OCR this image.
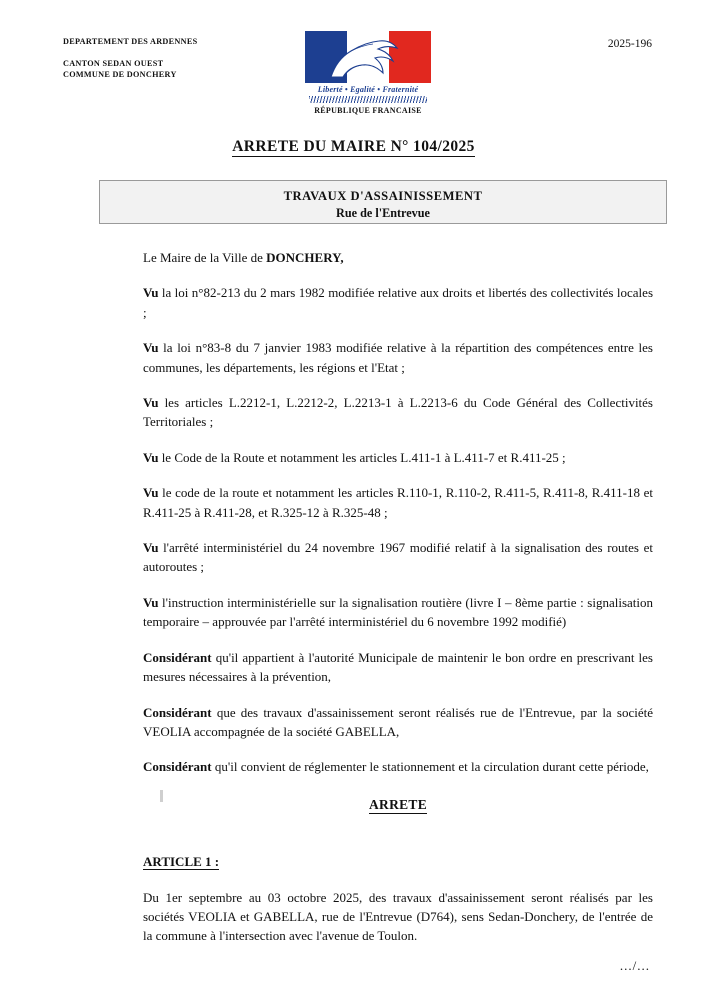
DEPARTEMENT DES ARDENNES
CANTON SEDAN OUEST
COMMUNE DE DONCHERY
2025-196
Liberté • Egalité • Fraternité
RÉPUBLIQUE FRANCAISE
ARRETE DU MAIRE N° 104/2025
TRAVAUX D'ASSAINISSEMENT
Rue de l'Entrevue

Le Maire de la Ville de DONCHERY,

Vu la loi n°82-213 du 2 mars 1982 modifiée relative aux droits et libertés des collectivités locales ;

Vu la loi n°83-8 du 7 janvier 1983 modifiée relative à la répartition des compétences entre les communes, les départements, les régions et l'Etat ;

Vu les articles L.2212-1, L.2212-2, L.2213-1 à L.2213-6 du Code Général des Collectivités Territoriales ;

Vu le Code de la Route et notamment les articles L.411-1 à L.411-7 et R.411-25 ;

Vu le code de la route et notamment les articles R.110-1, R.110-2, R.411-5, R.411-8, R.411-18 et R.411-25 à R.411-28, et R.325-12 à R.325-48 ;

Vu l'arrêté interministériel du 24 novembre 1967 modifié relatif à la signalisation des routes et autoroutes ;

Vu l'instruction interministérielle sur la signalisation routière (livre I – 8ème partie : signalisation temporaire – approuvée par l'arrêté interministériel du 6 novembre 1992 modifié)

Considérant qu'il appartient à l'autorité Municipale de maintenir le bon ordre en prescrivant les mesures nécessaires à la prévention,

Considérant que des travaux d'assainissement seront réalisés rue de l'Entrevue, par la société VEOLIA accompagnée de la société GABELLA,

Considérant qu'il convient de réglementer le stationnement et la circulation durant cette période,

ARRETE

ARTICLE 1 :

Du 1er septembre au 03 octobre 2025, des travaux d'assainissement seront réalisés par les sociétés VEOLIA et GABELLA, rue de l'Entrevue (D764), sens Sedan-Donchery, de l'entrée de la commune à l'intersection avec l'avenue de Toulon.

.../...
